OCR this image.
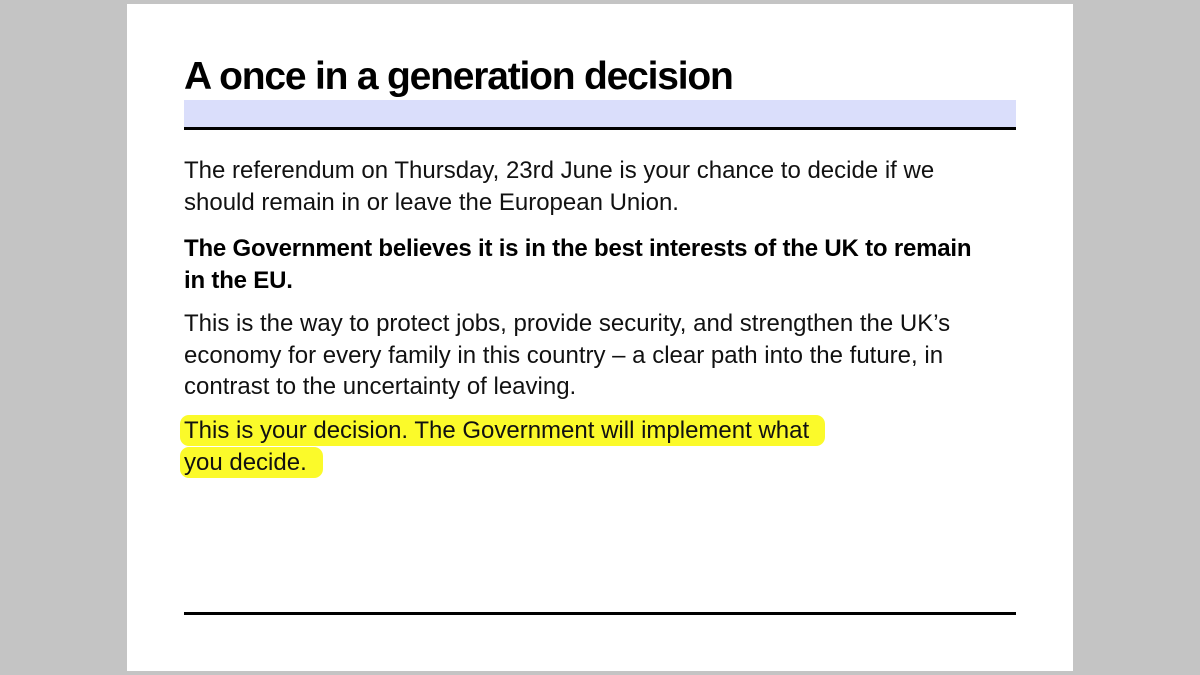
A once in a generation decision

The referendum on Thursday, 23rd June is your chance to decide if we should remain in or leave the European Union.

The Government believes it is in the best interests of the UK to remain in the EU.

This is the way to protect jobs, provide security, and strengthen the UK’s economy for every family in this country – a clear path into the future, in contrast to the uncertainty of leaving.

This is your decision. The Government will implement what
you decide.
